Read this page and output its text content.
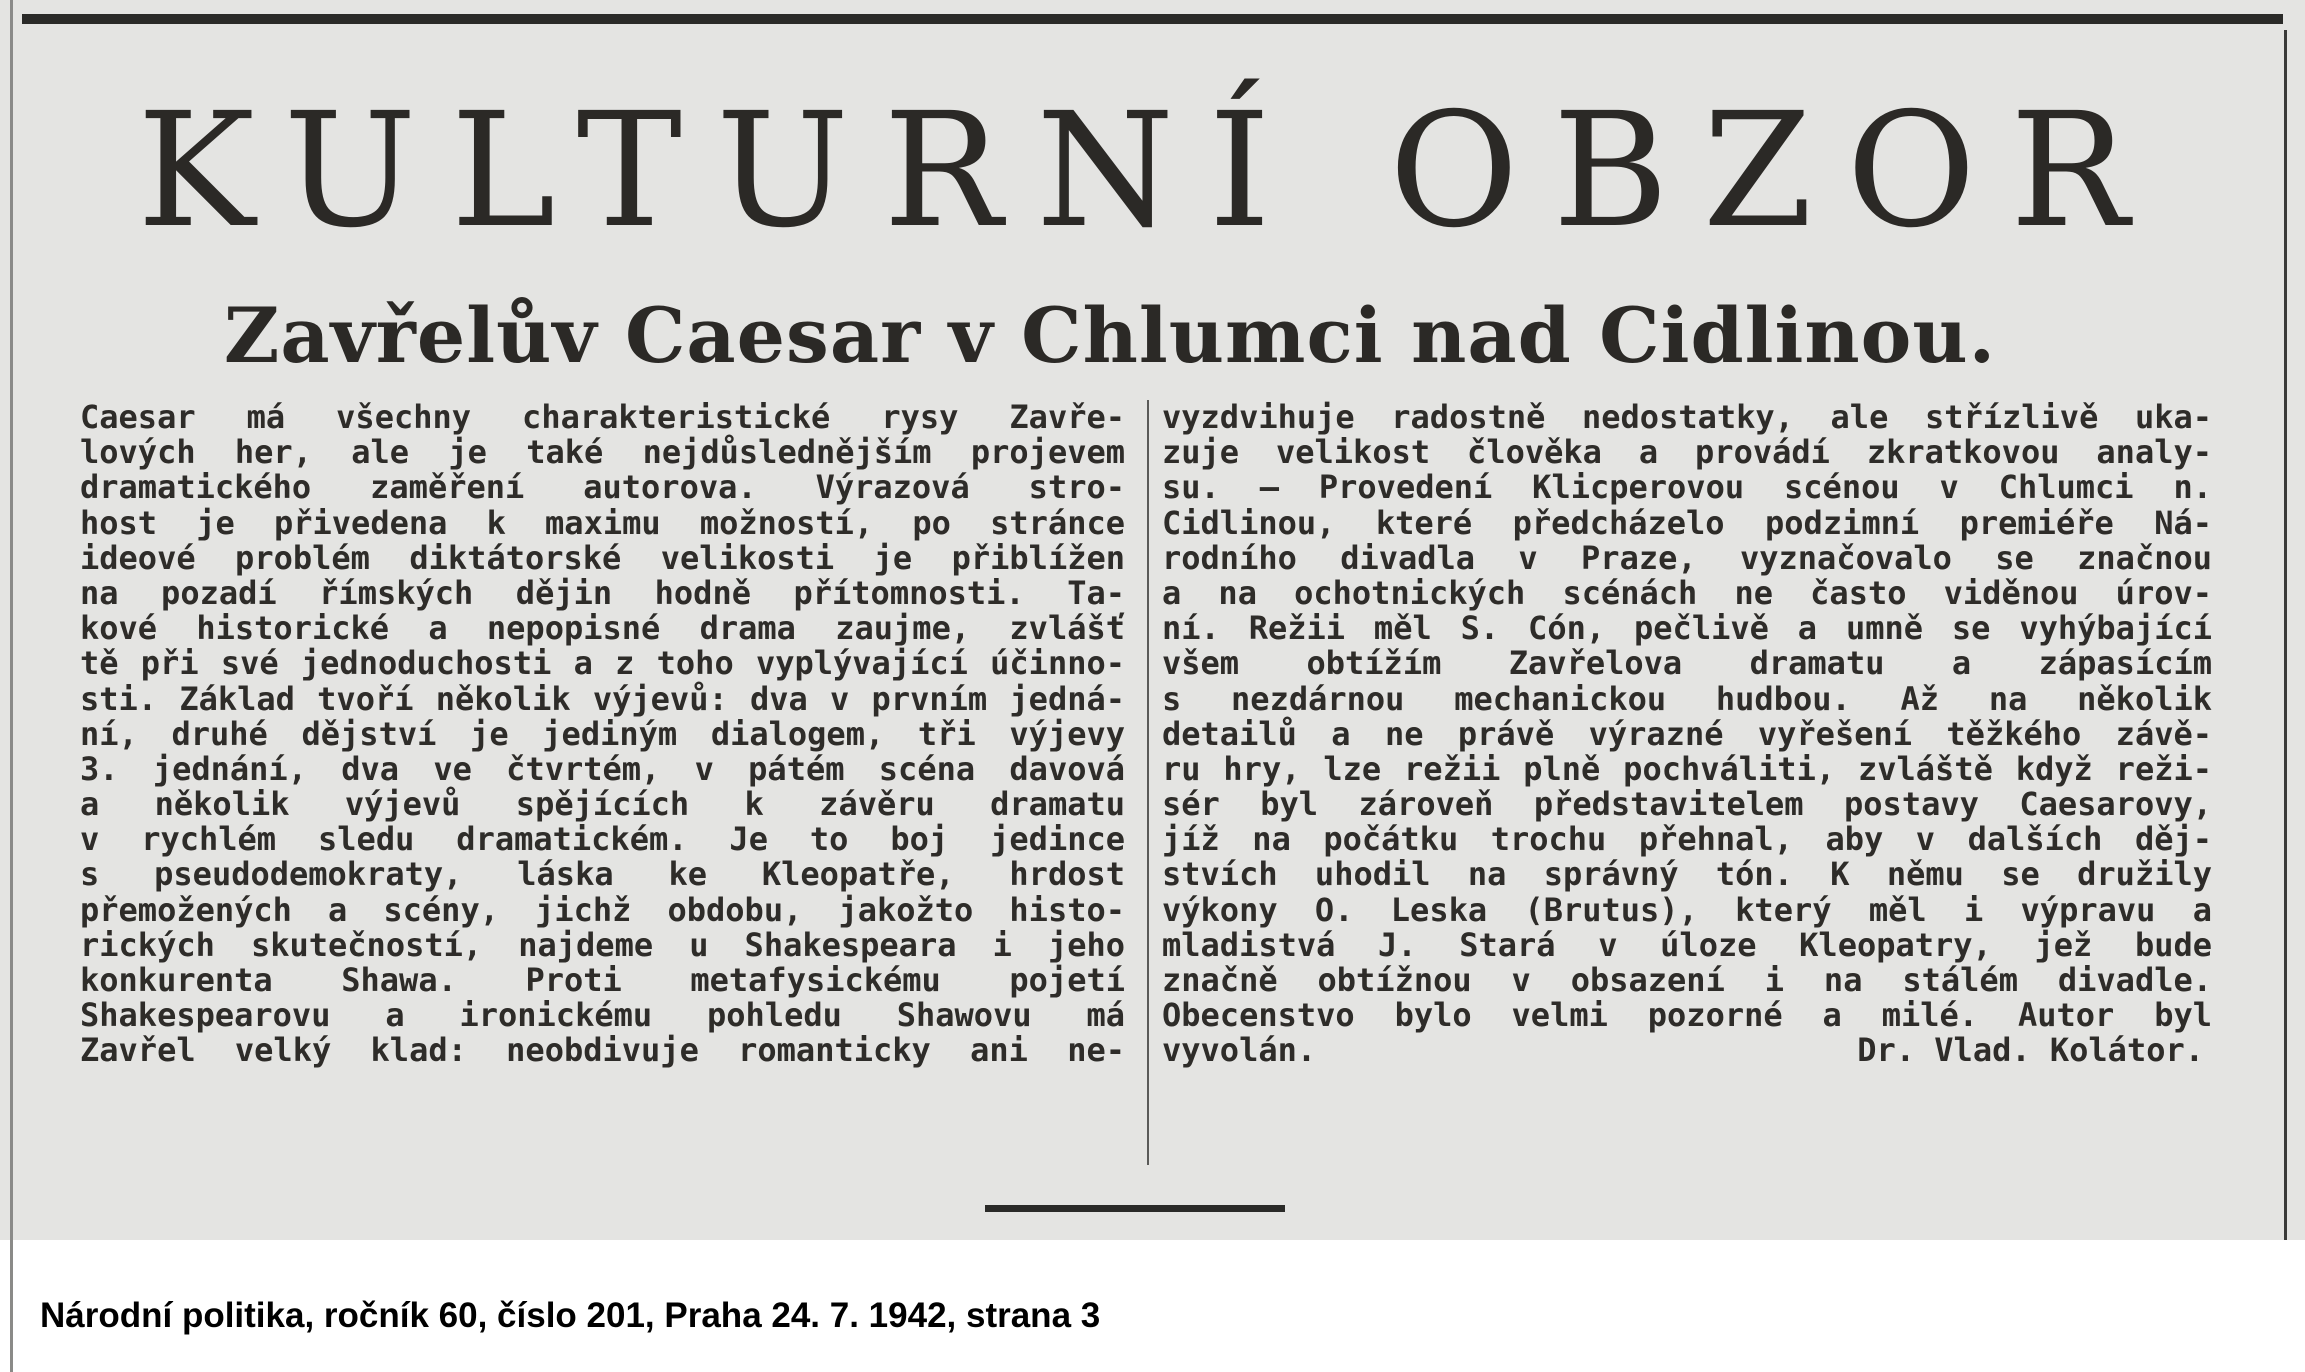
KULTURNÍ OBZOR
Zavřelův Caesar v Chlumci nad Cidlinou.
Caesar má všechny charakteristické rysy Zavře-
lových her, ale je také nejdůslednějším projevem
dramatického zaměření autorova. Výrazová stro-
host je přivedena k maximu možností, po stránce
ideové problém diktátorské velikosti je přiblížen
na pozadí římských dějin hodně přítomnosti. Ta-
kové historické a nepopisné drama zaujme, zvlášť
tě při své jednoduchosti a z toho vyplývající účinno-
sti. Základ tvoří několik výjevů: dva v prvním jedná-
ní, druhé dějství je jediným dialogem, tři výjevy
3. jednání, dva ve čtvrtém, v pátém scéna davová
a několik výjevů spějících k závěru dramatu
v rychlém sledu dramatickém. Je to boj jedince
s pseudodemokraty, láska ke Kleopatře, hrdost
přemožených a scény, jichž obdobu, jakožto histo-
rických skutečností, najdeme u Shakespeara i jeho
konkurenta Shawa. Proti metafysickému pojetí
Shakespearovu a ironickému pohledu Shawovu má
Zavřel velký klad: neobdivuje romanticky ani ne-
vyzdvihuje radostně nedostatky, ale střízlivě uka-
zuje velikost člověka a provádí zkratkovou analy-
su. — Provedení Klicperovou scénou v Chlumci n.
Cidlinou, které předcházelo podzimní premiéře Ná-
rodního divadla v Praze, vyznačovalo se značnou
a na ochotnických scénách ne často viděnou úrov-
ní. Režii měl S. Cón, pečlivě a umně se vyhýbající
všem obtížím Zavřelova dramatu a zápasícím
s nezdárnou mechanickou hudbou. Až na několik
detailů a ne právě výrazné vyřešení těžkého závě-
ru hry, lze režii plně pochváliti, zvláště když reži-
sér byl zároveň představitelem postavy Caesarovy,
jíž na počátku trochu přehnal, aby v dalších děj-
stvích uhodil na správný tón. K němu se družily
výkony O. Leska (Brutus), který měl i výpravu a
mladistvá J. Stará v úloze Kleopatry, jež bude
značně obtížnou v obsazení i na stálém divadle.
Obecenstvo bylo velmi pozorné a milé. Autor byl
vyvolán.	Dr. Vlad. Kolátor.

Národní politika, ročník 60, číslo 201, Praha 24. 7. 1942, strana 3
